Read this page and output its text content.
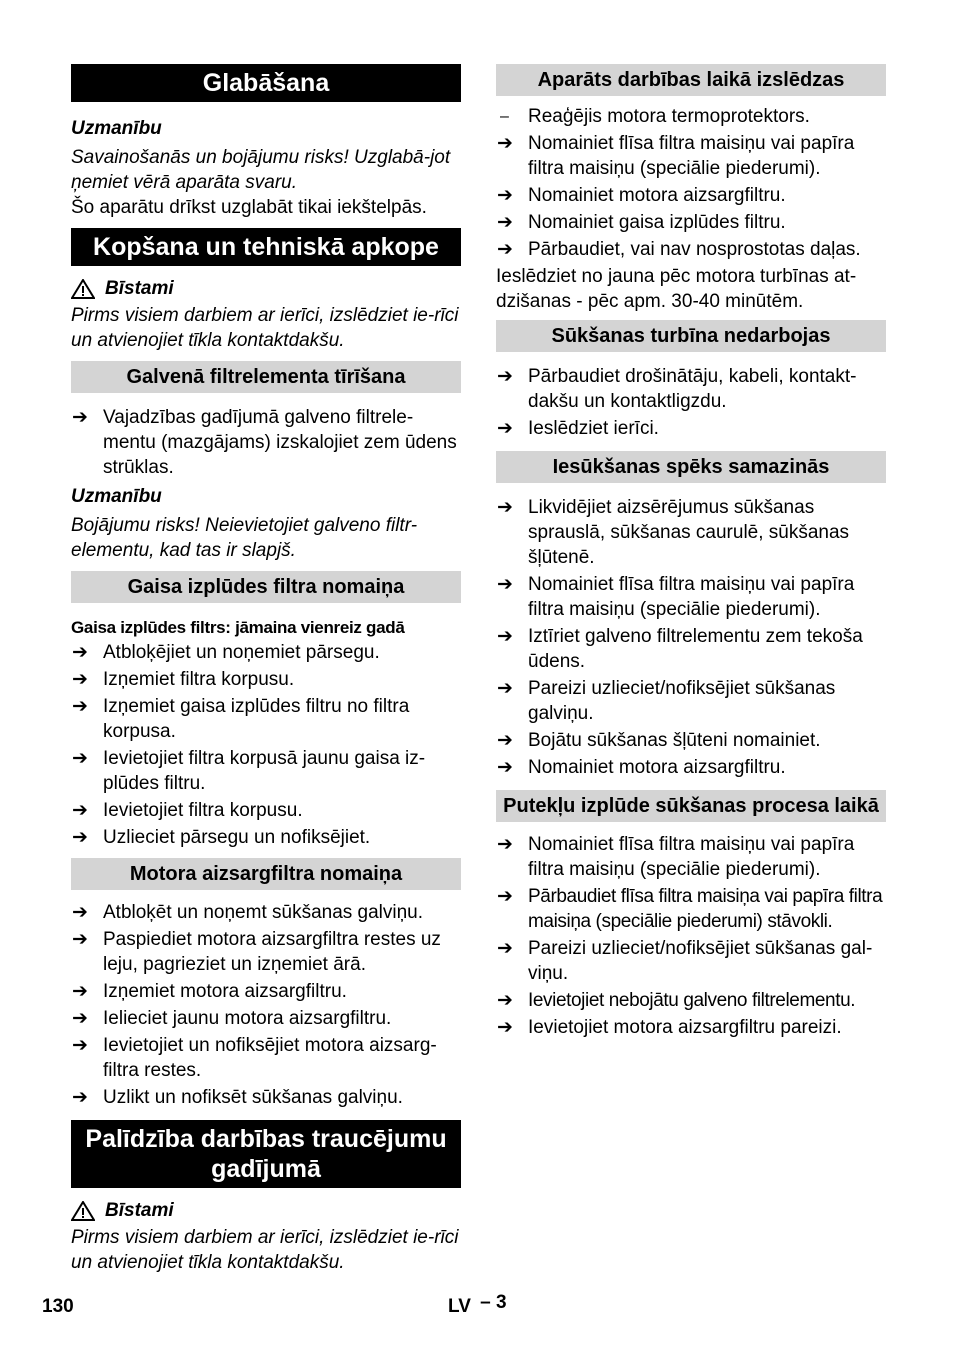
Glabāšana

Uzmanību

Savainošanās un bojājumu risks! Uzglabā-jot ņemiet vērā aparāta svaru.

Šo aparātu drīkst uzglabāt tikai iekštelpās.

Kopšana un tehniskā apkope

Bīstami

Pirms visiem darbiem ar ierīci, izslēdziet ie-rīci un atvienojiet tīkla kontaktdakšu.

Galvenā filtrelementa tīrīšana
➔ Vajadzības gadījumā galveno filtrele-mentu (mazgājams) izskalojiet zem ūdens strūklas.

Uzmanību

Bojājumu risks! Neievietojiet galveno filtr-elementu, kad tas ir slapjš.

Gaisa izplūdes filtra nomaiņa

Gaisa izplūdes filtrs: jāmaina vienreiz gadā

➔ Atbloķējiet un noņemiet pārsegu.
➔ Izņemiet filtra korpusu.
➔ Izņemiet gaisa izplūdes filtru no filtra korpusa.
➔ Ievietojiet filtra korpusā jaunu gaisa iz-plūdes filtru.
➔ Ievietojiet filtra korpusu.
➔ Uzlieciet pārsegu un nofiksējiet.
Motora aizsargfiltra nomaiņa
➔ Atbloķēt un noņemt sūkšanas galviņu.
➔ Paspiediet motora aizsargfiltra restes uz leju, pagrieziet un izņemiet ārā.
➔ Izņemiet motora aizsargfiltru.
➔ Ielieciet jaunu motora aizsargfiltru.
➔ Ievietojiet un nofiksējiet motora aizsarg-filtra restes.
➔ Uzlikt un nofiksēt sūkšanas galviņu.
Palīdzība darbības traucējumu gadījumā

Bīstami

Pirms visiem darbiem ar ierīci, izslēdziet ie-rīci un atvienojiet tīkla kontaktdakšu.

Aparāts darbības laikā izslēdzas
– Reaģējis motora termoprotektors.
➔ Nomainiet flīsa filtra maisiņu vai papīra filtra maisiņu (speciālie piederumi).
➔ Nomainiet motora aizsargfiltru.
➔ Nomainiet gaisa izplūdes filtru.
➔ Pārbaudiet, vai nav nosprostotas daļas.

Ieslēdziet no jauna pēc motora turbīnas at-dzišanas - pēc apm. 30-40 minūtēm.

Sūkšanas turbīna nedarbojas
➔ Pārbaudiet drošinātāju, kabeli, kontakt-dakšu un kontaktligzdu.
➔ Ieslēdziet ierīci.
Iesūkšanas spēks samazinās
➔ Likvidējiet aizsērējumus sūkšanas sprauslā, sūkšanas caurulē, sūkšanas šļūtenē.
➔ Nomainiet flīsa filtra maisiņu vai papīra filtra maisiņu (speciālie piederumi).
➔ Iztīriet galveno filtrelementu zem tekoša ūdens.
➔ Pareizi uzlieciet/nofiksējiet sūkšanas galviņu.
➔ Bojātu sūkšanas šļūteni nomainiet.
➔ Nomainiet motora aizsargfiltru.
Putekļu izplūde sūkšanas procesa laikā
➔ Nomainiet flīsa filtra maisiņu vai papīra filtra maisiņu (speciālie piederumi).
➔ Pārbaudiet flīsa filtra maisiņa vai papīra filtra maisiņa (speciālie piederumi) stāvokli.
➔ Pareizi uzlieciet/nofiksējiet sūkšanas gal-viņu.
➔ Ievietojiet nebojātu galveno filtrelementu.
➔ Ievietojiet motora aizsargfiltru pareizi.
130	LV – 3
